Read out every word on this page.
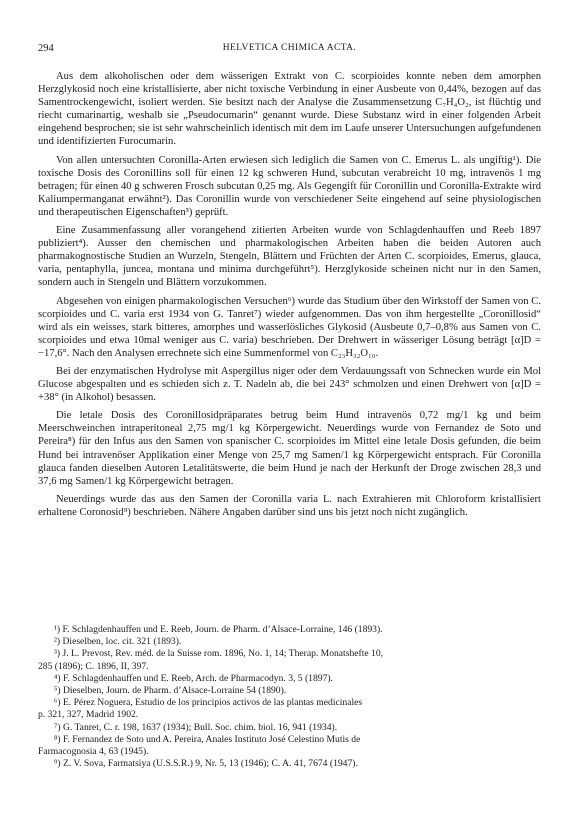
294	HELVETICA CHIMICA ACTA.

Aus dem alkoholischen oder dem wässerigen Extrakt von C. scorpioides konnte neben dem amorphen Herzglykosid noch eine kristallisierte, aber nicht toxische Verbindung in einer Ausbeute von 0,44%, bezogen auf das Samentrockengewicht, isoliert werden. Sie besitzt nach der Analyse die Zusammensetzung C₇H₄O₂, ist flüchtig und riecht cumarinartig, weshalb sie „Pseudocumarin“ genannt wurde. Diese Substanz wird in einer folgenden Arbeit eingehend besprochen; sie ist sehr wahrscheinlich identisch mit dem im Laufe unserer Untersuchungen aufgefundenen und identifizierten Furocumarin.

Von allen untersuchten Coronilla-Arten erwiesen sich lediglich die Samen von C. Emerus L. als ungiftig¹). Die toxische Dosis des Coronillins soll für einen 12 kg schweren Hund, subcutan verabreicht 10 mg, intravenös 1 mg betragen; für einen 40 g schweren Frosch subcutan 0,25 mg. Als Gegengift für Coronillin und Coronilla-Extrakte wird Kaliumpermanganat erwähnt²). Das Coronillin wurde von verschiedener Seite eingehend auf seine physiologischen und therapeutischen Eigenschaften³) geprüft.

Eine Zusammenfassung aller vorangehend zitierten Arbeiten wurde von Schlagdenhauffen und Reeb 1897 publiziert⁴). Ausser den chemischen und pharmakologischen Arbeiten haben die beiden Autoren auch pharmakognostische Studien an Wurzeln, Stengeln, Blättern und Früchten der Arten C. scorpioides, Emerus, glauca, varia, pentaphylla, juncea, montana und minima durchgeführt⁵). Herzglykoside scheinen nicht nur in den Samen, sondern auch in Stengeln und Blättern vorzukommen.

Abgesehen von einigen pharmakologischen Versuchen⁶) wurde das Studium über den Wirkstoff der Samen von C. scorpioides und C. varia erst 1934 von G. Tanret⁷) wieder aufgenommen. Das von ihm hergestellte „Coronillosid“ wird als ein weisses, stark bitteres, amorphes und wasserlösliches Glykosid (Ausbeute 0,7–0,8% aus Samen von C. scorpioides und etwa 10mal weniger aus C. varia) beschrieben. Der Drehwert in wässeriger Lösung beträgt [α]D = −17,6°. Nach den Analysen errechnete sich eine Summenformel von C₂₃H₃₂O₁₀.

Bei der enzymatischen Hydrolyse mit Aspergillus niger oder dem Verdauungssaft von Schnecken wurde ein Mol Glucose abgespalten und es schieden sich z. T. Nadeln ab, die bei 243° schmolzen und einen Drehwert von [α]D = +38° (in Alkohol) besassen.

Die letale Dosis des Coronillosidpräparates betrug beim Hund intravenös 0,72 mg/1 kg und beim Meerschweinchen intraperitoneal 2,75 mg/1 kg Körpergewicht. Neuerdings wurde von Fernandez de Soto und Pereira⁸) für den Infus aus den Samen von spanischer C. scorpioides im Mittel eine letale Dosis gefunden, die beim Hund bei intravenöser Applikation einer Menge von 25,7 mg Samen/1 kg Körpergewicht entsprach. Für Coronilla glauca fanden dieselben Autoren Letalitätswerte, die beim Hund je nach der Herkunft der Droge zwischen 28,3 und 37,6 mg Samen/1 kg Körpergewicht betragen.

Neuerdings wurde das aus den Samen der Coronilla varia L. nach Extrahieren mit Chloroform kristallisiert erhaltene Coronosid⁹) beschrieben. Nähere Angaben darüber sind uns bis jetzt noch nicht zugänglich.

¹) F. Schlagdenhauffen und E. Reeb, Journ. de Pharm. d’Alsace-Lorraine, 146 (1893).
²) Dieselben, loc. cit. 321 (1893).
³) J. L. Prevost, Rev. méd. de la Suisse rom. 1896, No. 1, 14; Therap. Monatshefte 10,
285 (1896); C. 1896, II, 397.
⁴) F. Schlagdenhauffen und E. Reeb, Arch. de Pharmacodyn. 3, 5 (1897).
⁵) Dieselben, Journ. de Pharm. d’Alsace-Lorraine 54 (1890).
⁶) E. Pérez Noguera, Estudio de los principios activos de las plantas medicinales
p. 321, 327, Madrid 1902.
⁷) G. Tanret, C. r. 198, 1637 (1934); Bull. Soc. chim. biol. 16, 941 (1934).
⁸) F. Fernandez de Soto und A. Pereira, Anales Instituto José Celestino Mutis de
Farmacognosia 4, 63 (1945).
⁹) Z. V. Sova, Farmatsiya (U.S.S.R.) 9, Nr. 5, 13 (1946); C. A. 41, 7674 (1947).
